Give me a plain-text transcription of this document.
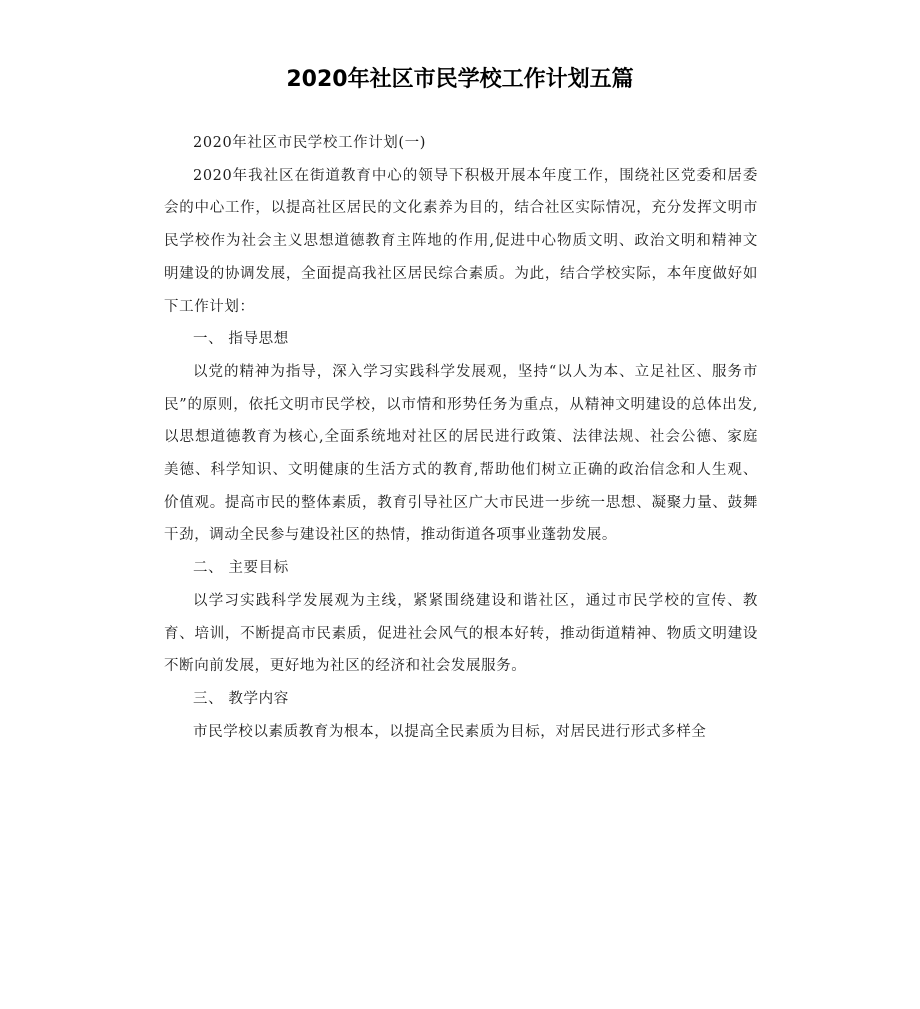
2020年社区市民学校工作计划五篇

2020年社区市民学校工作计划(一)

2020年我社区在街道教育中心的领导下积极开展本年度工作，围绕社区党委和居委会的中心工作，以提高社区居民的文化素养为目的，结合社区实际情况，充分发挥文明市民学校作为社会主义思想道德教育主阵地的作用,促进中心物质文明、政治文明和精神文明建设的协调发展，全面提高我社区居民综合素质。为此，结合学校实际，本年度做好如下工作计划：

一、 指导思想

以党的精神为指导，深入学习实践科学发展观，坚持“以人为本、立足社区、服务市民”的原则，依托文明市民学校，以市情和形势任务为重点，从精神文明建设的总体出发,以思想道德教育为核心,全面系统地对社区的居民进行政策、法律法规、社会公德、家庭美德、科学知识、文明健康的生活方式的教育,帮助他们树立正确的政治信念和人生观、价值观。提高市民的整体素质，教育引导社区广大市民进一步统一思想、凝聚力量、鼓舞干劲，调动全民参与建设社区的热情，推动街道各项事业蓬勃发展。

二、 主要目标

以学习实践科学发展观为主线，紧紧围绕建设和谐社区，通过市民学校的宣传、教育、培训，不断提高市民素质，促进社会风气的根本好转，推动街道精神、物质文明建设不断向前发展，更好地为社区的经济和社会发展服务。

三、 教学内容

市民学校以素质教育为根本，以提高全民素质为目标，对居民进行形式多样全
